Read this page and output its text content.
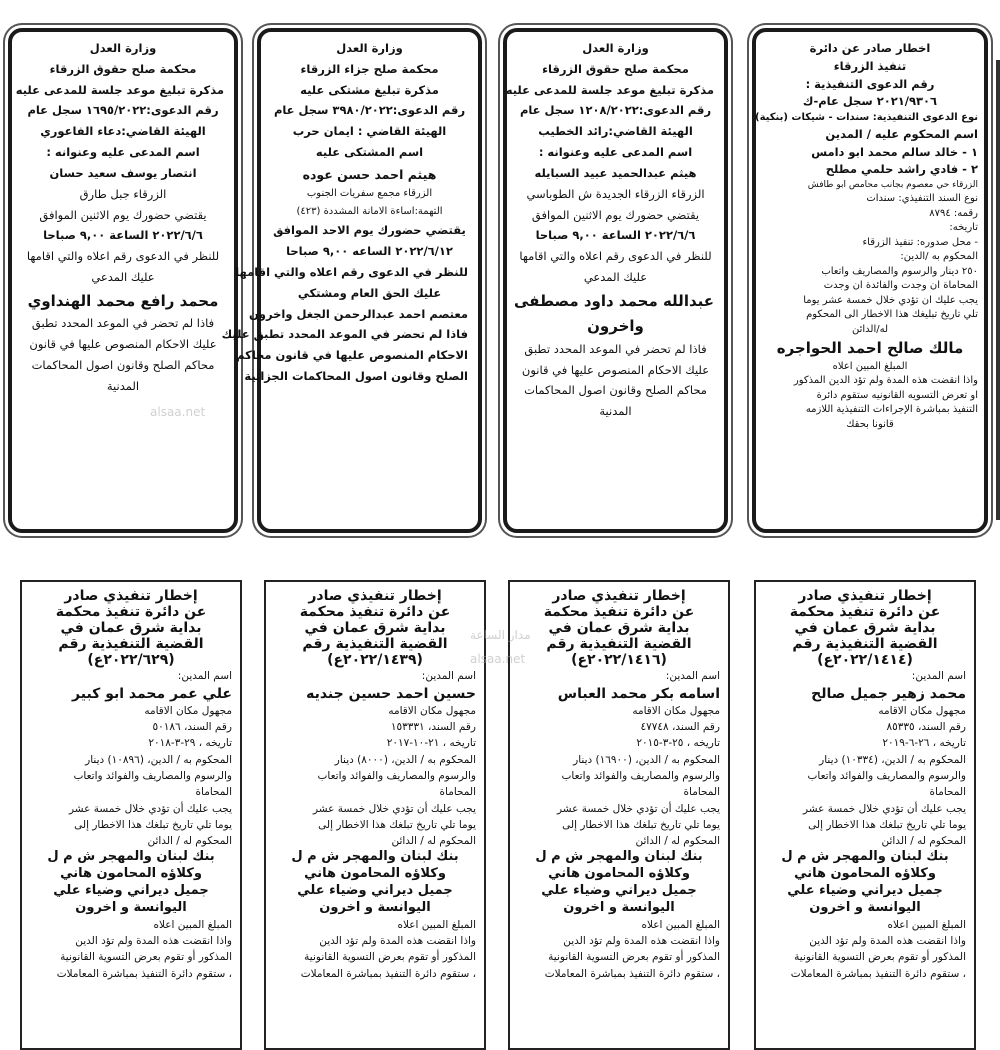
وزارة العدل
محكمة صلح حقوق الزرقاء
مذكرة تبليغ موعد جلسة للمدعى عليه
رقم الدعوى:١٦٩٥/٢٠٢٢ سجل عام
الهيئة القاضي:دعاء الفاعوري
اسم المدعى عليه وعنوانه :
انتصار يوسف سعيد حسان
الزرقاء جبل طارق
يقتضي حضورك يوم الاثنين الموافق
٢٠٢٢/٦/٦ الساعة ٩,٠٠ صباحا
للنظر في الدعوى رقم اعلاه والتي اقامها
عليك المدعي
محمد رافع محمد الهنداوي
فاذا لم تحضر في الموعد المحدد تطبق
عليك الاحكام المنصوص عليها في قانون
محاكم الصلح وقانون اصول المحاكمات
المدنية
وزارة العدل
محكمة صلح جزاء الزرقاء
مذكرة تبليغ مشتكى عليه
رقم الدعوى:٣٩٨٠/٢٠٢٢ سجل عام
الهيئة القاضي : ايمان حرب
اسم المشتكى عليه
هيثم احمد حسن عوده
الزرقاء مجمع سفريات الجنوب
التهمة:اساءة الامانة المشددة (٤٢٣)
يقتضي حضورك يوم الاحد الموافق
٢٠٢٢/٦/١٢ الساعه ٩,٠٠ صباحا
للنظر في الدعوى رقم اعلاه والتي اقامها
عليك الحق العام ومشتكي
معتصم احمد عبدالرحمن الجغل واخرون
فاذا لم تحضر في الموعد المحدد تطبق عليك
الاحكام المنصوص عليها في قانون محاكم
الصلح وقانون اصول المحاكمات الجزائية
وزارة العدل
محكمة صلح حقوق الزرقاء
مذكرة تبليغ موعد جلسة للمدعى عليه
رقم الدعوى:١٢٠٨/٢٠٢٢ سجل عام
الهيئة القاضي:رائد الخطيب
اسم المدعى عليه وعنوانه :
هيثم عبدالحميد عبيد السبايله
الزرقاء الزرقاء الجديدة ش الطوباسي
يقتضي حضورك يوم الاثنين الموافق
٢٠٢٢/٦/٦ الساعة ٩,٠٠ صباحا
للنظر في الدعوى رقم اعلاه والتي اقامها
عليك المدعي
عبدالله محمد داود مصطفى
واخرون
فاذا لم تحضر في الموعد المحدد تطبق
عليك الاحكام المنصوص عليها في قانون
محاكم الصلح وقانون اصول المحاكمات
المدنية
اخطار صادر عن دائرة
تنفيذ الزرقاء
رقم الدعوى التنفيذية :
٢٠٢١/٩٣٠٦ سجل عام-ك
نوع الدعوى التنفيذية: سندات - شيكات (بنكية)
اسم المحكوم عليه / المدين
١ - خالد سالم محمد ابو دامس
٢ - فادي راشد حلمي مطلح
الزرقاء حي معصوم بجانب محامص ابو طافش
نوع السند التنفيذي: سندات
رقمه: ٨٧٩٤
تاريخه:
- محل صدوره: تنفيذ الزرقاء
المحكوم به /الدين:
٢٥٠ دينار والرسوم والمصاريف واتعاب
المحاماة ان وجدت والفائدة ان وجدت
يجب عليك ان تؤدي خلال خمسة عشر يوما
تلي تاريخ تبليغك هذا الاخطار الى المحكوم
له/الدائن
مالك صالح احمد الحواجره
المبلغ المبين اعلاه
واذا انقضت هذه المدة ولم تؤد الدين المذكور
او تعرض التسويه القانونيه ستقوم دائرة
التنفيذ بمباشرة الإجراءات التنفيذية اللازمه
قانونا بحقك
إخطار تنفيذي صادر
عن دائرة تنفيذ محكمة
بداية شرق عمان في
القضية التنفيذية رقم
(٢٠٢٢/٦٢٩ع)
اسم المدين:
علي عمر محمد ابو كبير
مجهول مكان الاقامه
رقم السند، ٥٠١٨٦
تاريخه ، ٢٩-٣-٢٠١٨
المحكوم به / الدين، (١٠٨٩٦) دينار
والرسوم والمصاريف والفوائد واتعاب
المحاماة
يجب عليك أن تؤدي خلال خمسة عشر
يوما تلي تاريخ تبلغك هذا الاخطار إلى
المحكوم له / الدائن
بنك لبنان والمهجر ش م ل
وكلاؤه المحامون هاني
جميل ديراني وضياء علي
اليوانسة و اخرون
المبلغ المبين اعلاه
واذا انقضت هذه المدة ولم تؤد الدين
المذكور أو تقوم بعرض التسوية القانونية
، ستقوم دائرة التنفيذ بمباشرة المعاملات
إخطار تنفيذي صادر
عن دائرة تنفيذ محكمة
بداية شرق عمان في
القضية التنفيذية رقم
(٢٠٢٢/١٤٣٩ع)
اسم المدين:
حسين احمد حسين جنديه
مجهول مكان الاقامه
رقم السند، ١٥٣٣٣١
تاريخه ، ٢١-١٠-٢٠١٧
المحكوم به / الدين، (٨٠٠٠) دينار
والرسوم والمصاريف والفوائد واتعاب
المحاماة
يجب عليك أن تؤدي خلال خمسة عشر
يوما تلي تاريخ تبلغك هذا الاخطار إلى
المحكوم له / الدائن
بنك لبنان والمهجر ش م ل
وكلاؤه المحامون هاني
جميل ديراني وضياء علي
اليوانسة و اخرون
المبلغ المبين اعلاه
واذا انقضت هذه المدة ولم تؤد الدين
المذكور أو تقوم بعرض التسوية القانونية
، ستقوم دائرة التنفيذ بمباشرة المعاملات
إخطار تنفيذي صادر
عن دائرة تنفيذ محكمة
بداية شرق عمان في
القضية التنفيذية رقم
(٢٠٢٢/١٤١٦ع)
اسم المدين:
اسامه بكر محمد العباس
مجهول مكان الاقامه
رقم السند، ٤٧٧٤٨
تاريخه ، ٢٥-٣-٢٠١٥
المحكوم به / الدين، (١٦٩٠٠) دينار
والرسوم والمصاريف والفوائد واتعاب
المحاماة
يجب عليك أن تؤدي خلال خمسة عشر
يوما تلي تاريخ تبلغك هذا الاخطار إلى
المحكوم له / الدائن
بنك لبنان والمهجر ش م ل
وكلاؤه المحامون هاني
جميل ديراني وضياء علي
اليوانسة و اخرون
المبلغ المبين اعلاه
واذا انقضت هذه المدة ولم تؤد الدين
المذكور أو تقوم بعرض التسوية القانونية
، ستقوم دائرة التنفيذ بمباشرة المعاملات
إخطار تنفيذي صادر
عن دائرة تنفيذ محكمة
بداية شرق عمان في
القضية التنفيذية رقم
(٢٠٢٢/١٤١٤ع)
اسم المدين:
محمد زهير جميل صالح
مجهول مكان الاقامه
رقم السند، ٨٥٣٣٥
تاريخه ، ٢٦-٦-٢٠١٩
المحكوم به / الدين، (١٠٣٣٤) دينار
والرسوم والمصاريف والفوائد واتعاب
المحاماة
يجب عليك أن تؤدي خلال خمسة عشر
يوما تلي تاريخ تبلغك هذا الاخطار إلى
المحكوم له / الدائن
بنك لبنان والمهجر ش م ل
وكلاؤه المحامون هاني
جميل ديراني وضياء علي
اليوانسة و اخرون
المبلغ المبين اعلاه
واذا انقضت هذه المدة ولم تؤد الدين
المذكور أو تقوم بعرض التسوية القانونية
، ستقوم دائرة التنفيذ بمباشرة المعاملات
alsaa.net
مدار الساعة
alsaa.net
